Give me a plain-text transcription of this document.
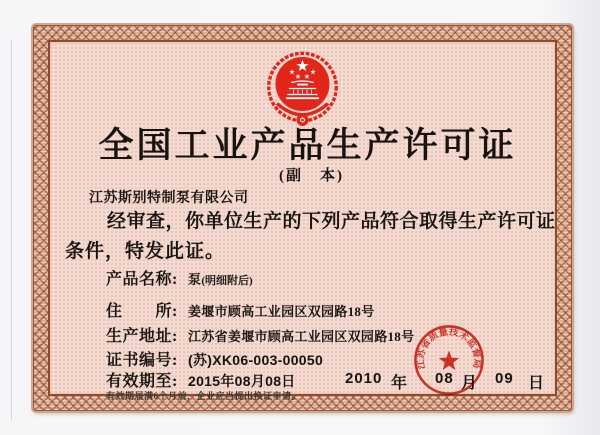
全国工业产品生产许可证
(副　本)
江苏斯别特制泵有限公司
经审查，你单位生产的下列产品符合取得生产许可证
条件，特发此证。
产品名称: 泵 (明细附后)
住　　所: 姜堰市顾高工业园区双园路18号
生产地址: 江苏省姜堰市顾高工业园区双园路18号
证书编号: (苏)XK06-003-00050
有效期至: 2015年08月08日	2010 年 08 月 09 日
有效期届满6个月前，企业应当提出换证申请。
江苏省质量技术监督局
